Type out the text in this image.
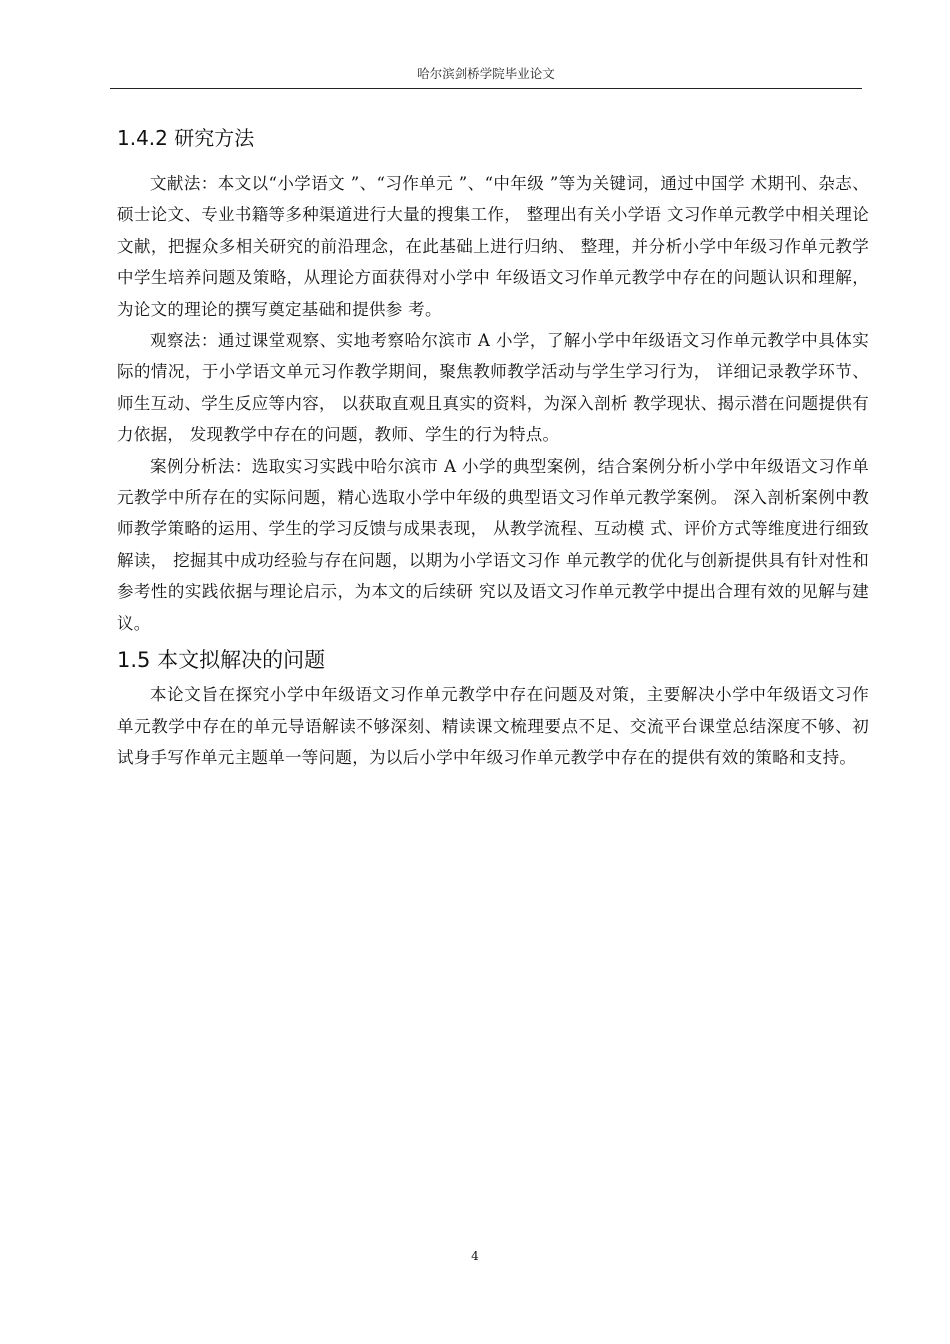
哈尔滨剑桥学院毕业论文
1.4.2 研究方法

文献法：本文以“小学语文 ”、“习作单元 ”、“中年级 ”等为关键词，通过中国学 术期刊、杂志、硕士论文、专业书籍等多种渠道进行大量的搜集工作， 整理出有关小学语 文习作单元教学中相关理论文献，把握众多相关研究的前沿理念，在此基础上进行归纳、 整理，并分析小学中年级习作单元教学中学生培养问题及策略，从理论方面获得对小学中 年级语文习作单元教学中存在的问题认识和理解，为论文的理论的撰写奠定基础和提供参 考。

观察法：通过课堂观察、实地考察哈尔滨市 A 小学，了解小学中年级语文习作单元教学中具体实际的情况，于小学语文单元习作教学期间，聚焦教师教学活动与学生学习行为， 详细记录教学环节、师生互动、学生反应等内容， 以获取直观且真实的资料，为深入剖析 教学现状、揭示潜在问题提供有力依据， 发现教学中存在的问题，教师、学生的行为特点。

案例分析法：选取实习实践中哈尔滨市 A 小学的典型案例，结合案例分析小学中年级语文习作单元教学中所存在的实际问题，精心选取小学中年级的典型语文习作单元教学案例。 深入剖析案例中教师教学策略的运用、学生的学习反馈与成果表现， 从教学流程、互动模 式、评价方式等维度进行细致解读， 挖掘其中成功经验与存在问题，以期为小学语文习作 单元教学的优化与创新提供具有针对性和参考性的实践依据与理论启示，为本文的后续研 究以及语文习作单元教学中提出合理有效的见解与建议。

1.5 本文拟解决的问题

本论文旨在探究小学中年级语文习作单元教学中存在问题及对策，主要解决小学中年级语文习作单元教学中存在的单元导语解读不够深刻、精读课文梳理要点不足、交流平台课堂总结深度不够、初试身手写作单元主题单一等问题，为以后小学中年级习作单元教学中存在的提供有效的策略和支持。

4
